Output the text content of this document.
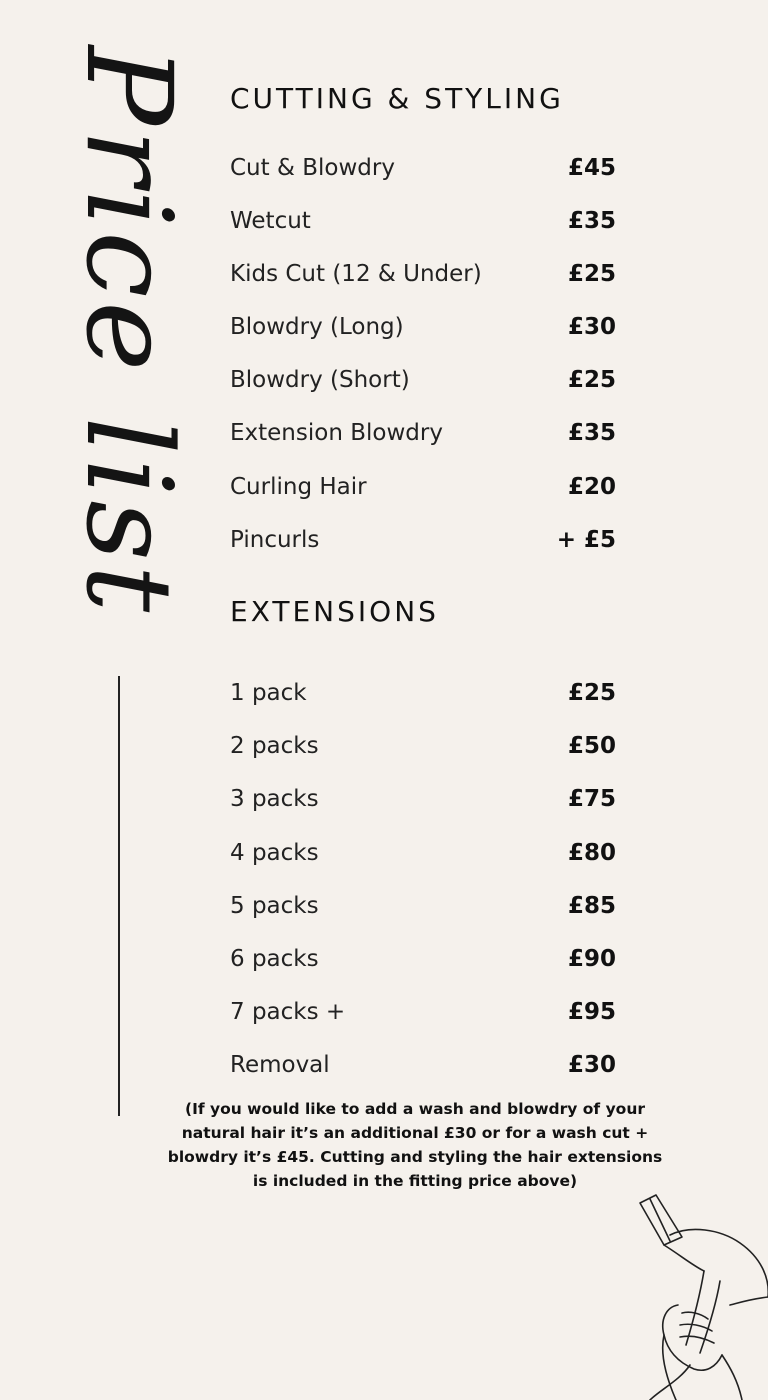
Price list CUTTING & STYLING
Cut & Blowdry	£45
Wetcut	£35
Kids Cut (12 & Under)	£25
Blowdry (Long)	£30
Blowdry (Short)	£25
Extension Blowdry	£35
Curling Hair	£20
Pincurls	+ £5
EXTENSIONS
1 pack	£25
2 packs	£50
3 packs	£75
4 packs	£80
5 packs	£85
6 packs	£90
7 packs +	£95
Removal	£30

(If you would like to add a wash and blowdry of your natural hair it’s an additional £30 or for a wash cut + blowdry it’s £45. Cutting and styling the hair extensions is included in the fitting price above)
